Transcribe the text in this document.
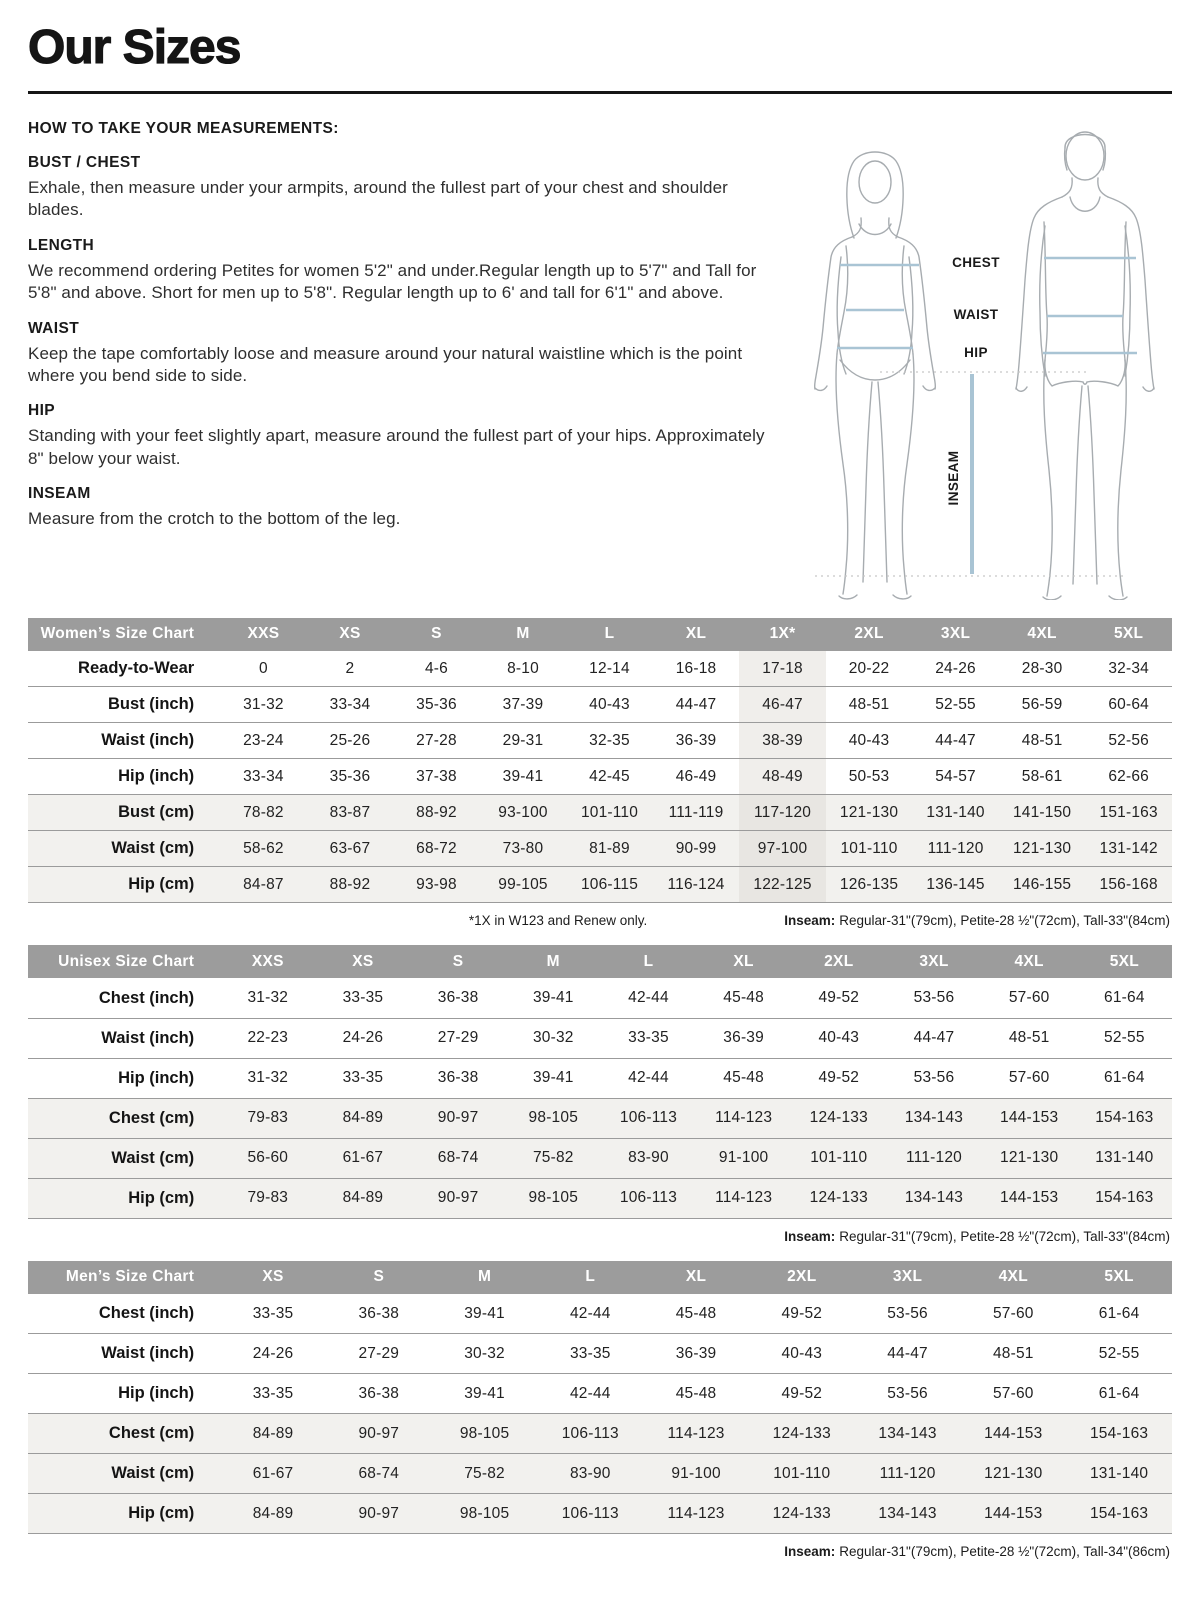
Our Sizes
HOW TO TAKE YOUR MEASUREMENTS:
BUST / CHEST

Exhale, then measure under your armpits, around the fullest part of your chest and shoulder blades.

LENGTH

We recommend ordering Petites for women 5'2" and under.Regular length up to 5'7" and Tall for 5'8" and above. Short for men up to 5'8". Regular length up to 6' and tall for 6'1" and above.

WAIST

Keep the tape comfortably loose and measure around your natural waistline which is the point where you bend side to side.

HIP

Standing with your feet slightly apart, measure around the fullest part of your hips. Approximately 8" below your waist.

INSEAM

Measure from the crotch to the bottom of the leg.

CHEST
WAIST
HIP
INSEAM
Women’s Size Chart	XXS	XS	S	M	L	XL	1X*	2XL	3XL	4XL	5XL
Ready-to-Wear	0	2	4-6	8-10	12-14	16-18	17-18	20-22	24-26	28-30	32-34
Bust (inch)	31-32	33-34	35-36	37-39	40-43	44-47	46-47	48-51	52-55	56-59	60-64
Waist (inch)	23-24	25-26	27-28	29-31	32-35	36-39	38-39	40-43	44-47	48-51	52-56
Hip (inch)	33-34	35-36	37-38	39-41	42-45	46-49	48-49	50-53	54-57	58-61	62-66
Bust (cm)	78-82	83-87	88-92	93-100	101-110	111-119	117-120	121-130	131-140	141-150	151-163
Waist (cm)	58-62	63-67	68-72	73-80	81-89	90-99	97-100	101-110	111-120	121-130	131-142
Hip (cm)	84-87	88-92	93-98	99-105	106-115	116-124	122-125	126-135	136-145	146-155	156-168
*1X in W123 and Renew only.	Inseam: Regular-31"(79cm), Petite-28 ½"(72cm), Tall-33"(84cm)
Unisex Size Chart	XXS	XS	S	M	L	XL	2XL	3XL	4XL	5XL
Chest (inch)	31-32	33-35	36-38	39-41	42-44	45-48	49-52	53-56	57-60	61-64
Waist (inch)	22-23	24-26	27-29	30-32	33-35	36-39	40-43	44-47	48-51	52-55
Hip (inch)	31-32	33-35	36-38	39-41	42-44	45-48	49-52	53-56	57-60	61-64
Chest (cm)	79-83	84-89	90-97	98-105	106-113	114-123	124-133	134-143	144-153	154-163
Waist (cm)	56-60	61-67	68-74	75-82	83-90	91-100	101-110	111-120	121-130	131-140
Hip (cm)	79-83	84-89	90-97	98-105	106-113	114-123	124-133	134-143	144-153	154-163
Inseam: Regular-31"(79cm), Petite-28 ½"(72cm), Tall-33"(84cm)
Men’s Size Chart	XS	S	M	L	XL	2XL	3XL	4XL	5XL
Chest (inch)	33-35	36-38	39-41	42-44	45-48	49-52	53-56	57-60	61-64
Waist (inch)	24-26	27-29	30-32	33-35	36-39	40-43	44-47	48-51	52-55
Hip (inch)	33-35	36-38	39-41	42-44	45-48	49-52	53-56	57-60	61-64
Chest (cm)	84-89	90-97	98-105	106-113	114-123	124-133	134-143	144-153	154-163
Waist (cm)	61-67	68-74	75-82	83-90	91-100	101-110	111-120	121-130	131-140
Hip (cm)	84-89	90-97	98-105	106-113	114-123	124-133	134-143	144-153	154-163
Inseam: Regular-31"(79cm), Petite-28 ½"(72cm), Tall-34"(86cm)
